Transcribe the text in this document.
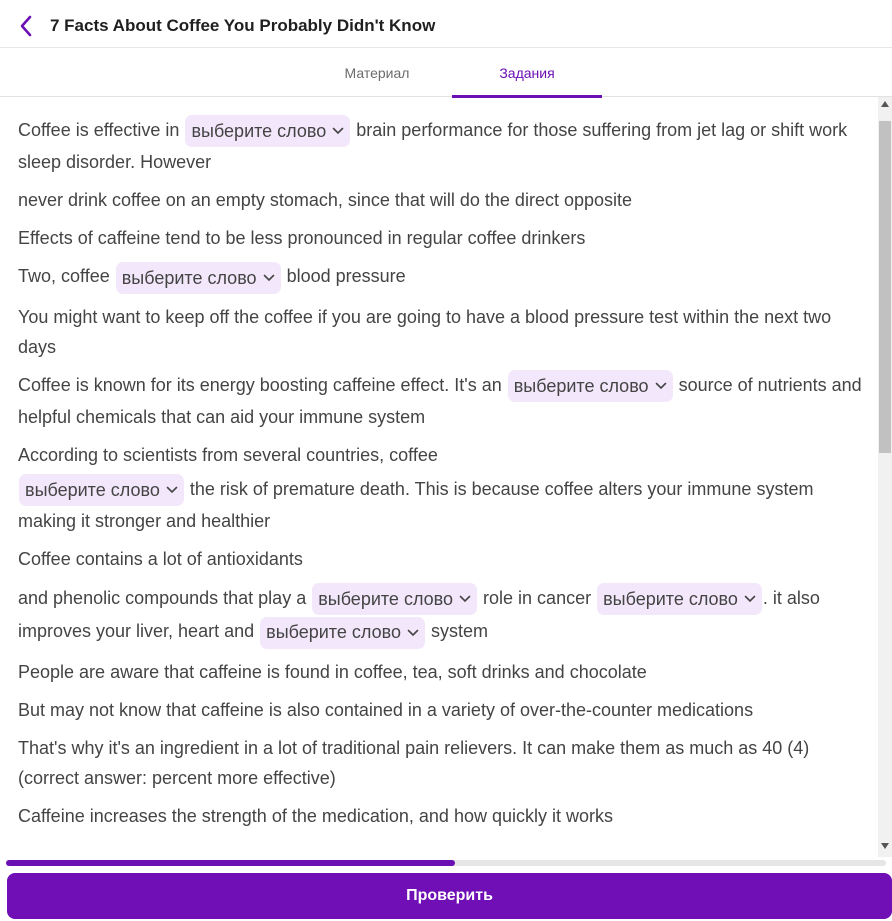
7 Facts About Coffee You Probably Didn't Know
Материал	Задания

Coffee is effective in выберите слово brain performance for those suffering from jet lag or shift work sleep disorder. However

never drink coffee on an empty stomach, since that will do the direct opposite

Effects of caffeine tend to be less pronounced in regular coffee drinkers

Two, coffee выберите слово blood pressure

You might want to keep off the coffee if you are going to have a blood pressure test within the next two days

Coffee is known for its energy boosting caffeine effect. It's an выберите слово source of nutrients and helpful chemicals that can aid your immune system

According to scientists from several countries, coffee

выберите слово the risk of premature death. This is because coffee alters your immune system making it stronger and healthier

Coffee contains a lot of antioxidants

and phenolic compounds that play a выберите слово role in cancer выберите слово . it also improves your liver, heart and выберите слово system

People are aware that caffeine is found in coffee, tea, soft drinks and chocolate

But may not know that caffeine is also contained in a variety of over-the-counter medications

That's why it's an ingredient in a lot of traditional pain relievers. It can make them as much as 40 (4) (correct answer: percent more effective)

Caffeine increases the strength of the medication, and how quickly it works

Проверить
